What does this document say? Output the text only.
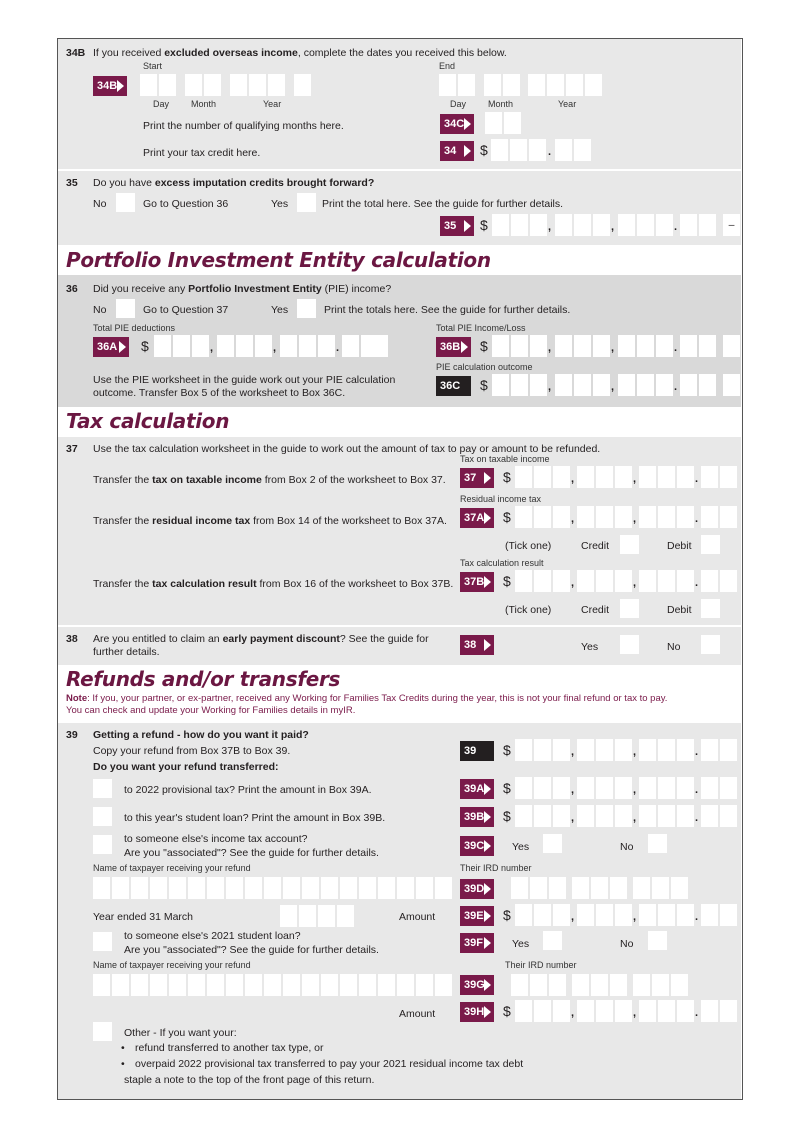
34B If you received excluded overseas income, complete the dates you received this below.
Start	End
34B
Day Month	Year	Day Month	Year
Print the number of qualifying months here.	34C
Print your tax credit here.	34	$	.
35 Do you have excess imputation credits brought forward?
No	Go to Question 36	Yes	Print the total here. See the guide for further details.
35	$	,	,	.	–
Portfolio Investment Entity calculation
36 Did you receive any Portfolio Investment Entity (PIE) income?
No	Go to Question 37	Yes	Print the totals here. See the guide for further details.
Total PIE deductions
36A	$	,	,	.
Total PIE Income/Loss
36B	$	,	,	.
PIE calculation outcome
36C	$	,	,	.
Use the PIE worksheet in the guide work out your PIE calculation
outcome. Transfer Box 5 of the worksheet to Box 36C.
Tax calculation
37 Use the tax calculation worksheet in the guide to work out the amount of tax to pay or amount to be refunded.
Tax on taxable income
Transfer the tax on taxable income from Box 2 of the worksheet to Box 37.	37	$	,	,	.
Residual income tax
Transfer the residual income tax from Box 14 of the worksheet to Box 37A.	37A	$	,	,	.
(Tick one)	Credit	Debit
Tax calculation result
Transfer the tax calculation result from Box 16 of the worksheet to Box 37B. 37B	$	,	,	.
(Tick one)	Credit	Debit
38 Are you entitled to claim an early payment discount? See the guide for
further details.
38	Yes	No
Refunds and/or transfers
Note: If you, your partner, or ex-partner, received any Working for Families Tax Credits during the year, this is not your final refund or tax to pay.
You can check and update your Working for Families details in myIR.
39 Getting a refund - how do you want it paid?
Copy your refund from Box 37B to Box 39.
Do you want your refund transferred:
39	$	,	,	.
to 2022 provisional tax? Print the amount in Box 39A.	39A	$	,	,	.
to this year's student loan? Print the amount in Box 39B.	39B	$	,	,	.
to someone else's income tax account?
Are you "associated"? See the guide for further details.
39C	Yes	No
Name of taxpayer receiving your refund	Their IRD number
39D
Year ended 31 March	Amount	39E	$	,	,	.
to someone else's 2021 student loan?
Are you "associated"? See the guide for further details.
39F	Yes	No
Name of taxpayer receiving your refund	Their IRD number
39G
Amount	39H	$	,	,	.
Other - If you want your:
• refund transferred to another tax type, or
• overpaid 2022 provisional tax transferred to pay your 2021 residual income tax debt
staple a note to the top of the front page of this return.
